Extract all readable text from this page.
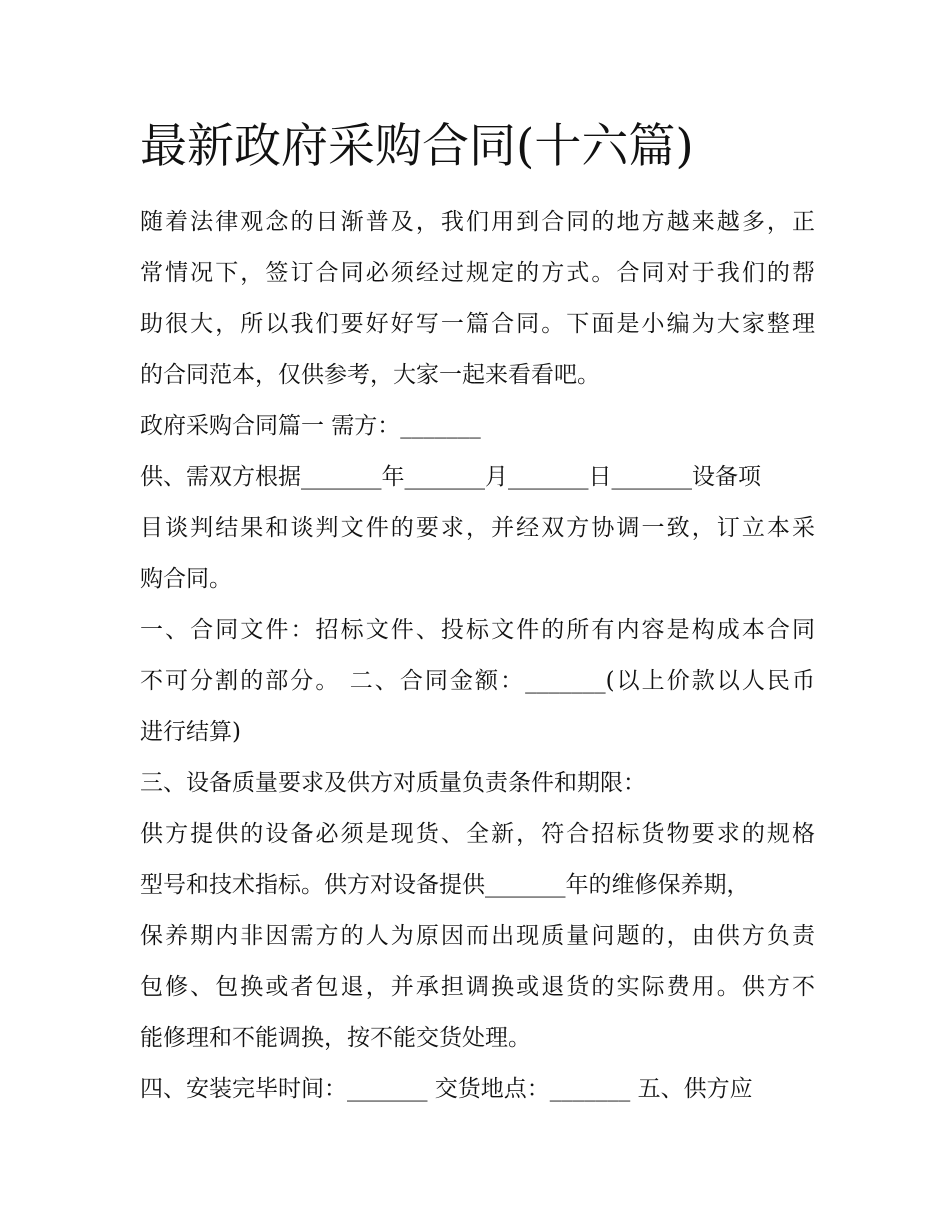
最新政府采购合同(十六篇)
随着法律观念的日渐普及，我们用到合同的地方越来越多，正
常情况下，签订合同必须经过规定的方式。合同对于我们的帮
助很大，所以我们要好好写一篇合同。下面是小编为大家整理
的合同范本，仅供参考，大家一起来看看吧。
政府采购合同篇一 需方：_______
供、需双方根据_______年_______月_______日_______设备项
目谈判结果和谈判文件的要求，并经双方协调一致，订立本采
购合同。
一、合同文件：招标文件、投标文件的所有内容是构成本合同
不可分割的部分。 二、合同金额：_______(以上价款以人民币
进行结算)
三、设备质量要求及供方对质量负责条件和期限：
供方提供的设备必须是现货、全新，符合招标货物要求的规格
型号和技术指标。供方对设备提供_______年的维修保养期，
保养期内非因需方的人为原因而出现质量问题的，由供方负责
包修、包换或者包退，并承担调换或退货的实际费用。供方不
能修理和不能调换，按不能交货处理。
四、安装完毕时间：_______ 交货地点：_______ 五、供方应
